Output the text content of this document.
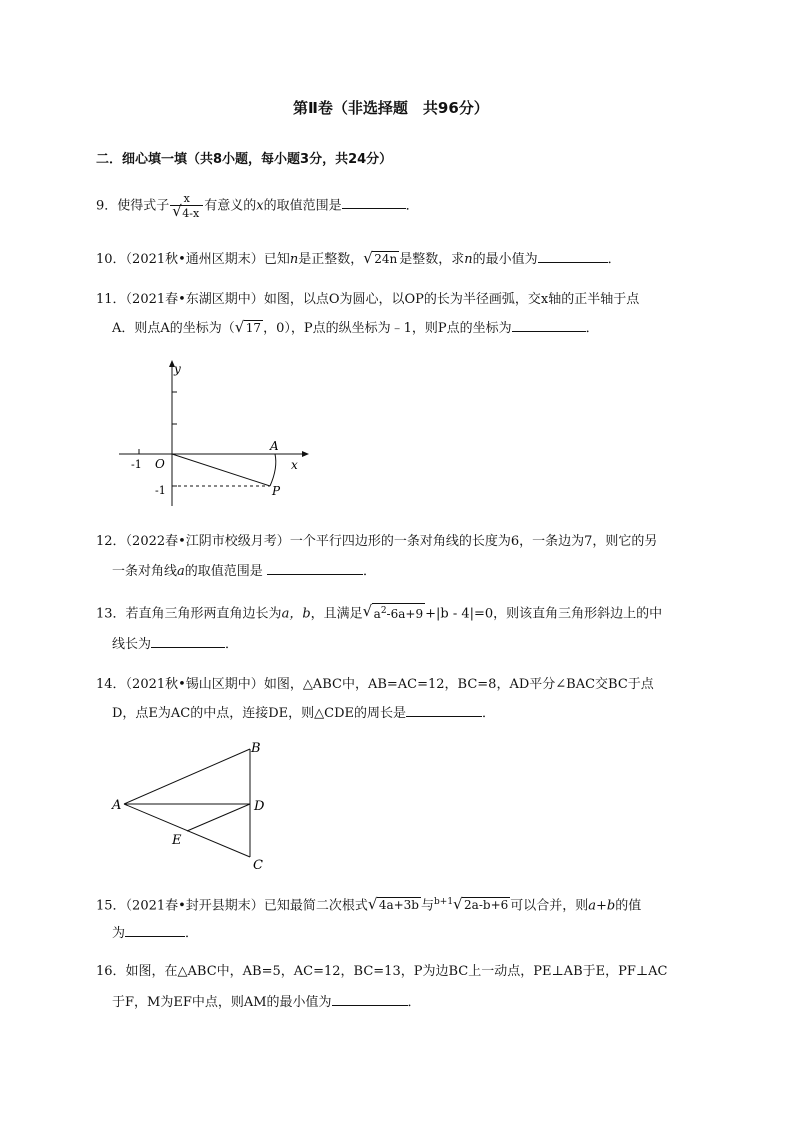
第Ⅱ卷（非选择题　共96分）
二．细心填一填（共8小题，每小题3分，共24分）
9．使得式子 $\frac{x}{√ 4-x}$ 有意义的x的取值范围是	．
10．（2021秋•通州区期末）已知n是正整数， √ 24n 是整数，求n的最小值为	．
11．（2021春•东湖区期中）如图，以点O为圆心，以OP的长为半径画弧，交x轴的正半轴于点
A．则点A的坐标为（ √ 17 ，0），P点的纵坐标为﹣1，则P点的坐标为	．
y
x
O
A
P
-1
-1
12．（2022春•江阴市校级月考）一个平行四边形的一条对角线的长度为6，一条边为7，则它的另
一条对角线a的取值范围是	．
13．若直角三角形两直角边长为a，b，且满足 √ $a^2-6a+9 +|b - 4|=0$，则该直角三角形斜边上的中
线长为	．
14．（2021秋•锡山区期中）如图，△ABC中，AB=AC=12，BC=8，AD平分∠BAC交BC于点
D，点E为AC的中点，连接DE，则△CDE的周长是	．
A
B
C
D
E
15．（2021春•封开县期末）已知最简二次根式 √ 4a+3b 与$^{b+1}$ √ 2a-b+6 可以合并，则a+b的值
为	．
16．如图，在△ABC中，AB=5，AC=12，BC=13，P为边BC上一动点，PE⊥AB于E，PF⊥AC
于F，M为EF中点，则AM的最小值为	．
